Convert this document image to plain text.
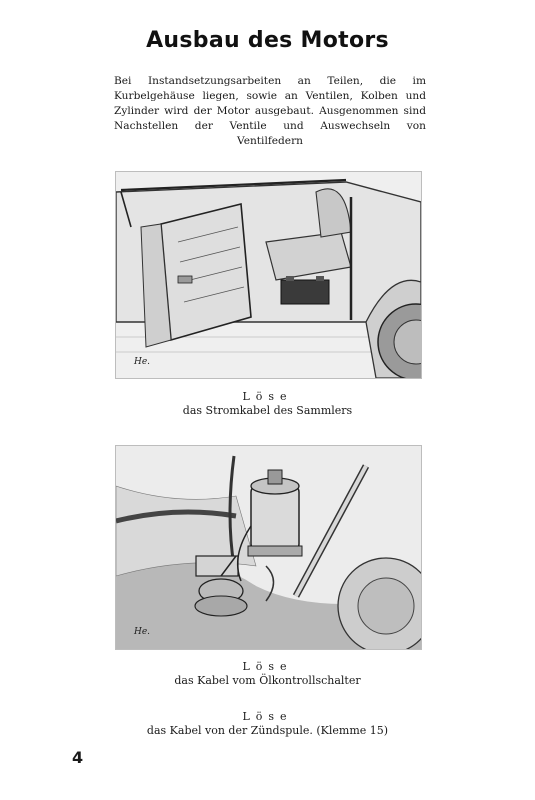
Ausbau des Motors
Bei Instandsetzungsarbeiten an Teilen, die im Kurbelgehäuse liegen, sowie an Ventilen, Kolben und Zylinder wird der Motor ausgebaut. Ausgenommen sind Nachstellen der Ventile und Auswechseln von Ventilfedern
He.
Löse
das Stromkabel des Sammlers
He.
Löse
das Kabel vom Ölkontrollschalter
Löse
das Kabel von der Zündspule. (Klemme 15)
4
